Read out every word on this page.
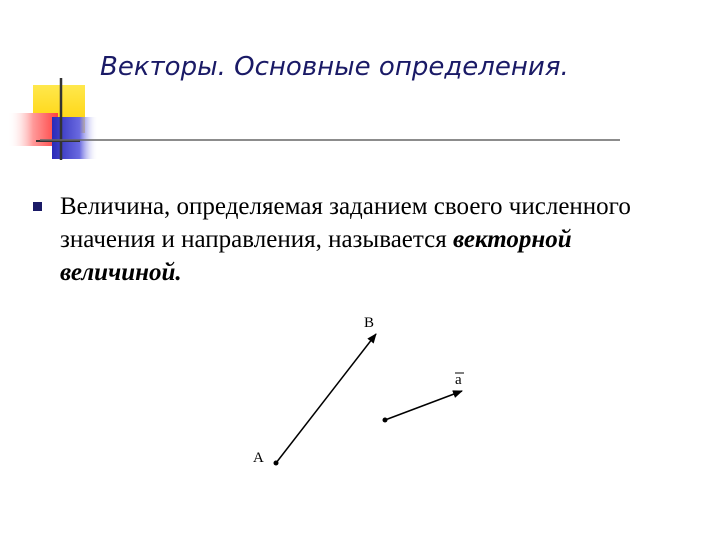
Векторы. Основные определения.
Величина, определяемая заданием своего численного значения и направления, называется векторной величиной.
А
В
a
